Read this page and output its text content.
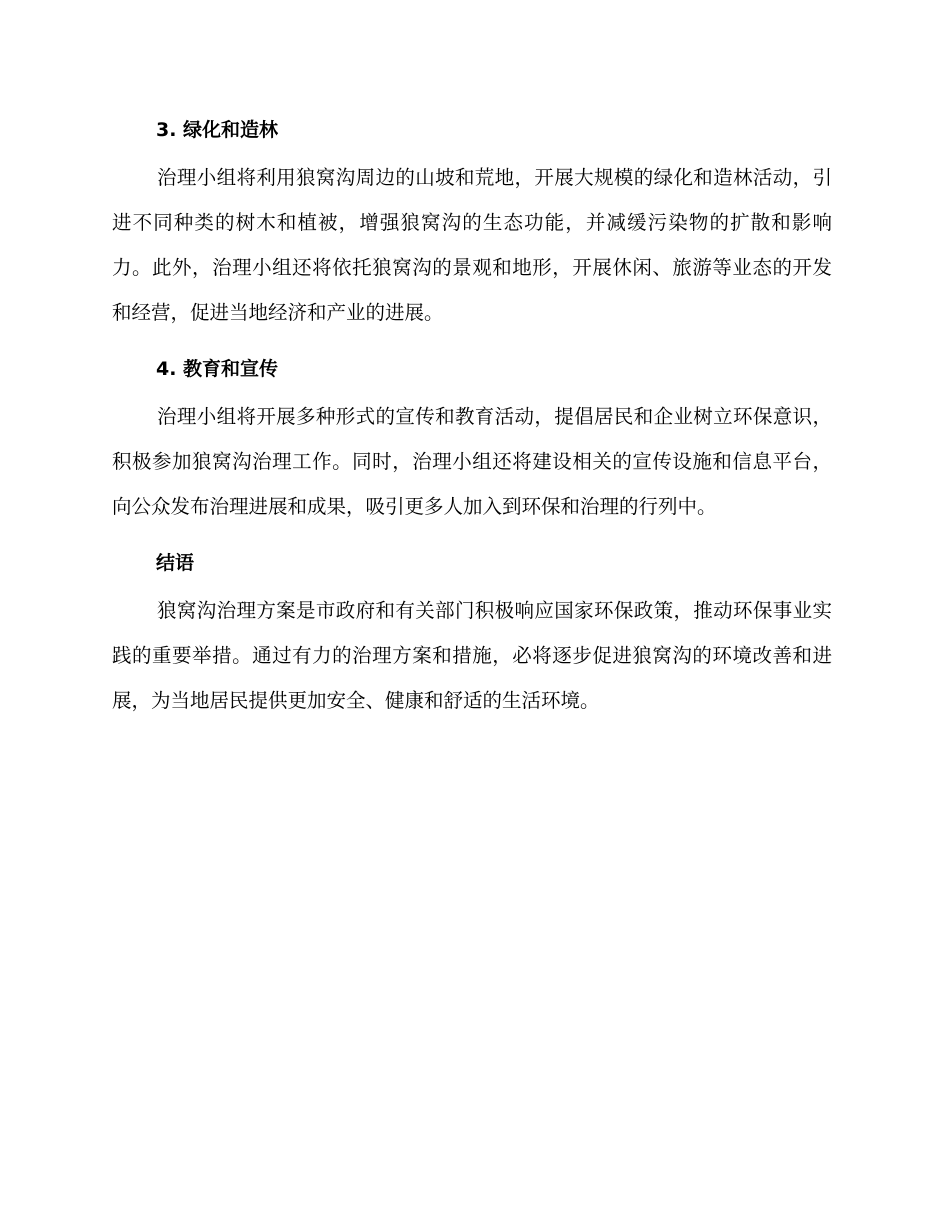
3. 绿化和造林

治理小组将利用狼窝沟周边的山坡和荒地，开展大规模的绿化和造林活动，引进不同种类的树木和植被，增强狼窝沟的生态功能，并减缓污染物的扩散和影响力。此外，治理小组还将依托狼窝沟的景观和地形，开展休闲、旅游等业态的开发和经营，促进当地经济和产业的进展。

4. 教育和宣传

治理小组将开展多种形式的宣传和教育活动，提倡居民和企业树立环保意识，积极参加狼窝沟治理工作。同时，治理小组还将建设相关的宣传设施和信息平台，向公众发布治理进展和成果，吸引更多人加入到环保和治理的行列中。

结语

狼窝沟治理方案是市政府和有关部门积极响应国家环保政策，推动环保事业实践的重要举措。通过有力的治理方案和措施，必将逐步促进狼窝沟的环境改善和进展，为当地居民提供更加安全、健康和舒适的生活环境。
